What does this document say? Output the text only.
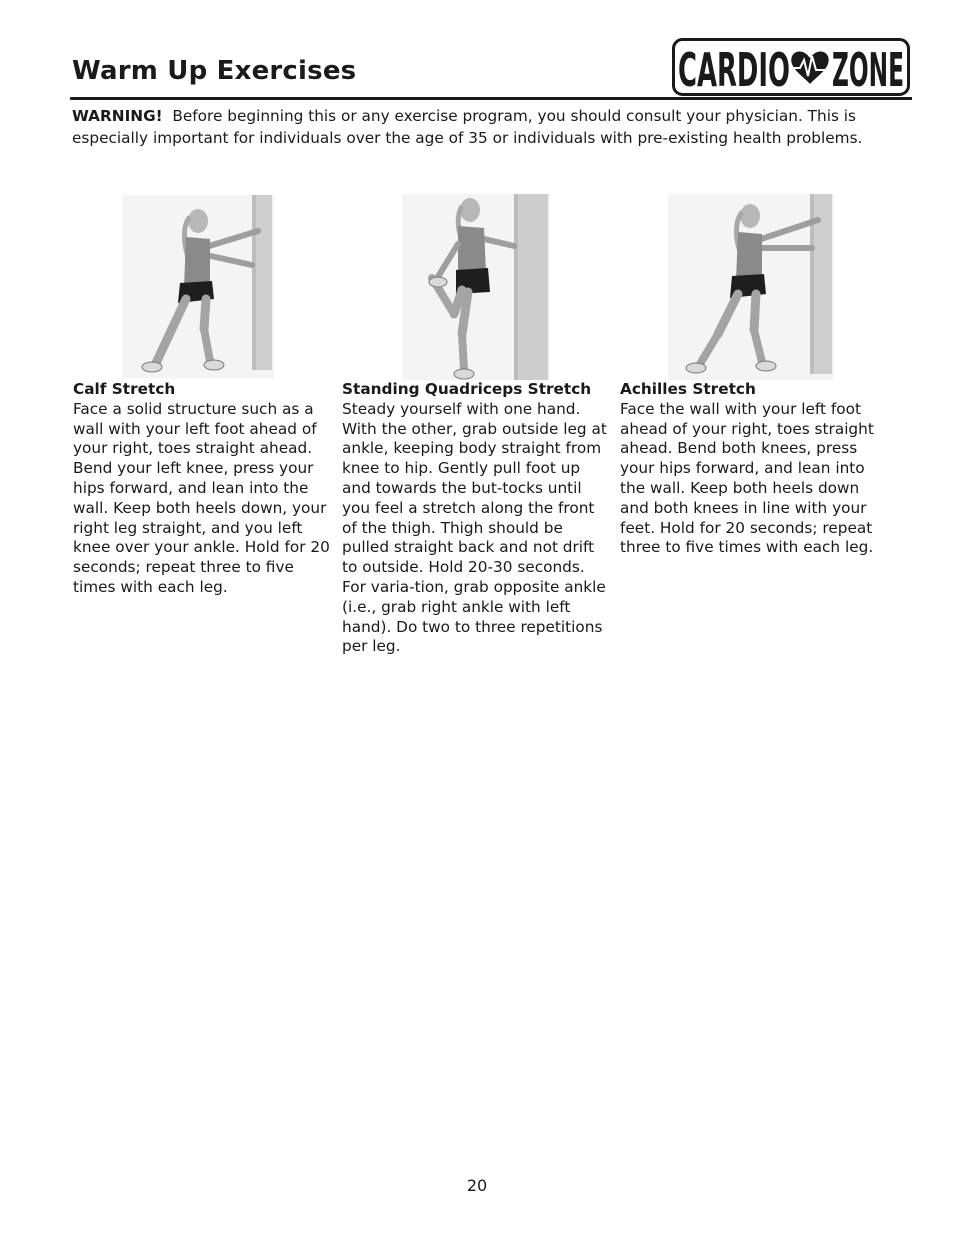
Warm Up Exercises	CARDIO ZONE
WARNING! Before beginning this or any exercise program, you should consult your physician. This is especially important for individuals over the age of 35 or individuals with pre-existing health problems.
Calf Stretch
Face a solid structure such as a wall with your left foot ahead of your right, toes straight ahead. Bend your left knee, press your hips forward, and lean into the wall. Keep both heels down, your right leg straight, and you left knee over your ankle. Hold for 20 seconds; repeat three to five times with each leg.
Standing Quadriceps Stretch
Steady yourself with one hand. With the other, grab outside leg at ankle, keeping body straight from knee to hip. Gently pull foot up and towards the but-tocks until you feel a stretch along the front of the thigh. Thigh should be pulled straight back and not drift to outside. Hold 20-30 seconds. For varia-tion, grab opposite ankle (i.e., grab right ankle with left hand). Do two to three repetitions per leg.
Achilles Stretch
Face the wall with your left foot ahead of your right, toes straight ahead. Bend both knees, press your hips forward, and lean into the wall. Keep both heels down and both knees in line with your feet. Hold for 20 seconds; repeat three to five times with each leg.
20
